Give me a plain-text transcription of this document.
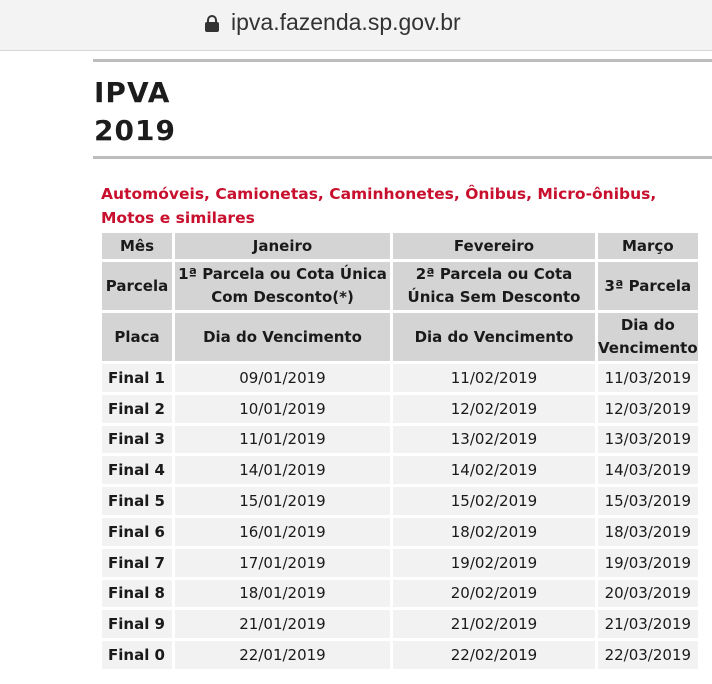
ipva.fazenda.sp.gov.br
IPVA
2019
Automóveis, Camionetas, Caminhonetes, Ônibus, Micro-ônibus, Motos e similares
Mês	Janeiro	Fevereiro	Março
Parcela	1ª Parcela ou Cota Única Com Desconto(*)	2ª Parcela ou Cota Única Sem Desconto	3ª Parcela
Placa	Dia do Vencimento	Dia do Vencimento	Dia do Vencimento
Final 1	09/01/2019	11/02/2019	11/03/2019
Final 2	10/01/2019	12/02/2019	12/03/2019
Final 3	11/01/2019	13/02/2019	13/03/2019
Final 4	14/01/2019	14/02/2019	14/03/2019
Final 5	15/01/2019	15/02/2019	15/03/2019
Final 6	16/01/2019	18/02/2019	18/03/2019
Final 7	17/01/2019	19/02/2019	19/03/2019
Final 8	18/01/2019	20/02/2019	20/03/2019
Final 9	21/01/2019	21/02/2019	21/03/2019
Final 0	22/01/2019	22/02/2019	22/03/2019
